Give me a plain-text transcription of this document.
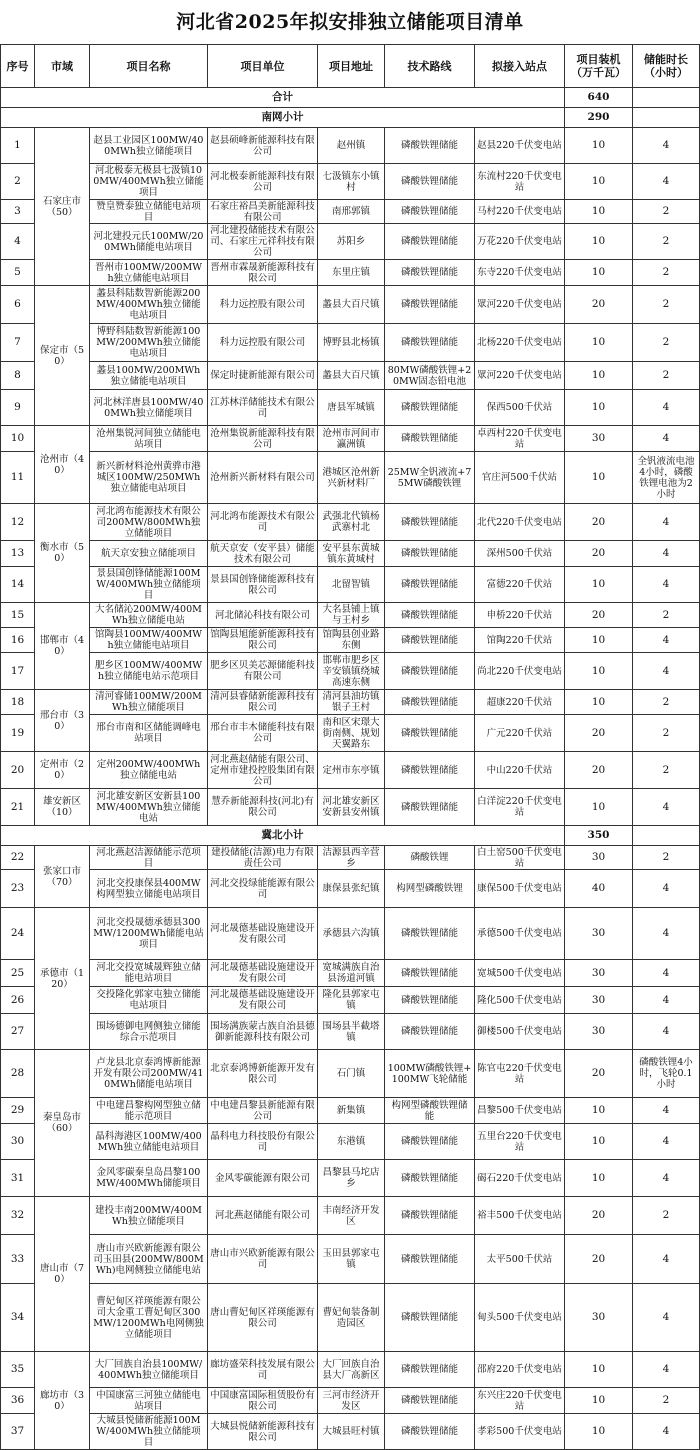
河北省2025年拟安排独立储能项目清单
序号	市域	项目名称	项目单位	项目地址	技术路线	拟接入站点	项目装机（万千瓦）	储能时长（小时）
合计							640	
南网小计							290	
1	石家庄市（50）	赵县工业园区100MW/400MWh独立储能项目	赵县硕峰新能源科技有限公司	赵州镇	磷酸铁锂储能	赵县220千伏变电站	10	4
2		河北极泰无极县七汲镇100MW/400MWh独立储能项目	河北极泰新能源科技有限公司	七汲镇东小镇村	磷酸铁锂储能	东流村220千伏变电站	10	4
3		赞皇赞泰独立储能电站项目	石家庄裕昌美新能源科技有限公司	南邢郭镇	磷酸铁锂储能	马村220千伏变电站	10	2
4		河北建投元氏100MW/200MWh储能电站项目	河北建投储能技术有限公司、石家庄元祥科技有限公司	苏阳乡	磷酸铁锂储能	万花220千伏变电站	10	2
5		晋州市100MW/200MWh独立储能电站项目	晋州市霖晟新能源科技有限公司	东里庄镇	磷酸铁锂储能	东寺220千伏变电站	10	2
6	保定市（50）	蠡县科陆数智新能源200MW/400MWh独立储能电站项目	科力远控股有限公司	蠡县大百尺镇	磷酸铁锂储能	眾河220千伏变电站	20	2
7		博野科陆数智新能源100MW/200MWh独立储能电站项目	科力远控股有限公司	博野县北杨镇	磷酸铁锂储能	北杨220千伏变电站	10	2
8		蠡县100MW/200MWh独立储能电站项目	保定时捷新能源有限公司	蠡县大百尺镇	80MW磷酸铁锂+20MW固态铅电池	眾河220千伏变电站	10	2
9		河北林洋唐县100MW/400MWh独立储能项目	江苏林洋储能技术有限公司	唐县军城镇	磷酸铁锂储能	保西500千伏站	10	4
10	沧州市（40）	沧州集锐河间独立储能电站项目	沧州集锐新能源科技有限公司	沧州市河间市瀛洲镇	磷酸铁锂储能	卓西村220千伏变电站	30	4
11		新兴新材料沧州黄骅市港城区100MW/250MWh独立储能电站项目	沧州新兴新材料有限公司	港城区沧州新兴新材料厂	25MW全钒液流+75MW磷酸铁锂	官庄河500千伏站	10	全钒液流电池4小时，磷酸铁锂电池为2小时
12	衡水市（50）	河北鸿布能源技术有限公司200MW/800MWh独立储能项目	河北鸿布能源技术有限公司	武强北代镇杨武寨村北	磷酸铁锂储能	北代220千伏变电站	20	4
13		航天京安独立储能项目	航天京安（安平县）储能技术有限公司	安平县东黄城镇东黄城村	磷酸铁锂储能	深州500千伏站	20	4
14		景县国创锋储能源100MW/400MWh独立储能项目	景县国创锋储能源科技有限公司	北留智镇	磷酸铁锂储能	富德220千伏站	10	4
15	邯郸市（40）	大名储沁200MW/400MWh独立储能电站	河北储沁科技有限公司	大名县铺上镇与王村乡	磷酸铁锂储能	申桥220千伏站	20	2
16		馆陶县100MW/400MWh独立储能电站项目	馆陶县旭能新能源科技有限公司	馆陶县创业路东侧	磷酸铁锂储能	馆陶220千伏站	10	4
17		肥乡区100MW/400MWh独立储能电站示范项目	肥乡区贝美芯源储能科技有限公司	邯郸市肥乡区辛安镇镇绕城高速东侧	磷酸铁锂储能	尚北220千伏变电站	10	4
18	邢台市（30）	清河睿储100MW/200MWh独立储能项目	清河县睿储新能源科技有限公司	清河县油坊镇银子王村	磷酸铁锂储能	超康220千伏站	10	2
19		邢台市南和区储能调峰电站项目	邢台市丰木储能科技有限公司	南和区宋璟大街南侧、规划天翼路东	磷酸铁锂储能	广元220千伏站	20	2
20	定州市（20）	定州200MW/400MWh独立储能电站	河北燕赵储能有限公司、定州市建投控股集团有限公司	定州市东亭镇	磷酸铁锂储能	中山220千伏站	20	2
21	雄安新区（10）	河北雄安新区安新县100MW/400MWh独立储能电站	慧乔新能源科技(河北)有限公司	河北雄安新区安新县安州镇	磷酸铁锂储能	白洋淀220千伏变电站	10	4
冀北小计							350	
22	张家口市（70）	河北燕赵洁源储能示范项目	建投储能(洁源)电力有限责任公司	洁源县西辛营乡	磷酸铁锂	白土窑500千伏变电站	30	2
23		河北交投康保县400MW构网型独立储能电站项目	河北交投绿能能源有限公司	康保县张纪镇	构网型磷酸铁锂	康保500千伏变电站	40	4
24	承德市（120）	河北交投晟德承德县300MW/1200MWh储能电站项目	河北晟德基础设施建设开发有限公司	承德县六沟镇	磷酸铁锂储能	承德500千伏变电站	30	4
25		河北交投宽城晟辉独立储能电站项目	河北晟德基础设施建设开发有限公司	宽城满族自治县汤道河镇	磷酸铁锂储能	宽城500千伏变电站	30	4
26		交投隆化郭家屯独立储能电站项目	河北晟德基础设施建设开发有限公司	隆化县郭家屯镇	磷酸铁锂储能	隆化500千伏变电站	30	4
27		围场德御电网侧独立储能综合示范项目	围场满族蒙古族自治县德御新能源科技有限公司	围场县半截塔镇	磷酸铁锂储能	御楼500千伏变电站	30	4
28	秦皇岛市（60）	卢龙县北京泰鸿博新能源开发有限公司200MW/410MWh储能电站项目	北京泰鸿博新能源开发有限公司	石门镇	100MW磷酸铁锂+100MW飞轮储能	陈官屯220千伏变电站	20	磷酸铁锂4小时，飞轮0.1小时
29		中电建昌黎构网型独立储能示范项目	中电建昌黎县新能源有限公司	新集镇	构网型磷酸铁锂储能	昌黎500千伏变电站	10	4
30		晶科海港区100MW/400MWh独立储能电站项目	晶科电力科技股份有限公司	东港镇	磷酸铁锂储能	五里台220千伏变电站	10	4
31		金风零碳秦皇岛昌黎100MW/400MWh储能项目	金风零碳能源有限公司	昌黎县马坨店乡	磷酸铁锂储能	碣石220千伏变电站	10	4
32	唐山市（70）	建投丰南200MW/400MWh独立储能项目	河北燕赵储能有限公司	丰南经济开发区	磷酸铁锂储能	裕丰500千伏变电站	20	2
33		唐山市兴欧新能源有限公司玉田县(200MW/800MWh)电网侧独立储能电站	唐山市兴欧新能源有限公司	玉田县郭家屯镇	磷酸铁锂储能	太平500千伏站	20	4
34		曹妃甸区祥瑛能源有限公司大金重工曹妃甸区300MW/1200MWh电网侧独立储能项目	唐山曹妃甸区祥瑛能源有限公司	曹妃甸装备制造园区	磷酸铁锂储能	甸头500千伏变电站	30	4
35	廊坊市（30）	大厂回族自治县100MW/400MWh独立储能项目	廊坊盛荣科技发展有限公司	大厂回族自治县大厂高新区	磷酸铁锂储能	邵府220千伏变电站	10	4
36		中国康富三河独立储能电站项目	中国康富国际租赁股份有限公司	三河市经济开发区	磷酸铁锂储能	东兴庄220千伏变电站	10	2
37		大城县悦储新能源100MW/400MWh独立储能项目	大城县悦储新能源科技有限公司	大城县旺村镇	磷酸铁锂储能	孝彩500千伏变电站	10	4
